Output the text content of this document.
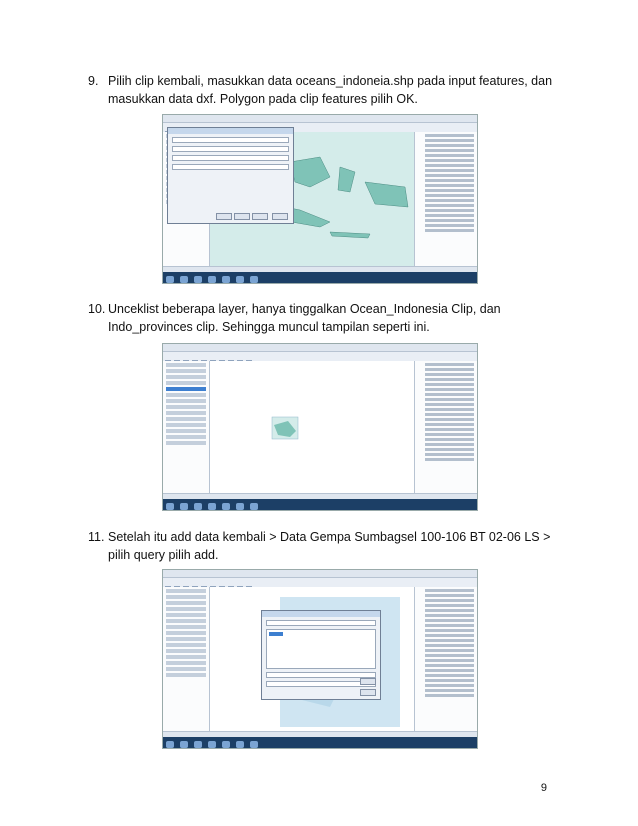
9. Pilih clip kembali, masukkan data oceans_indoneia.shp pada input features, dan
masukkan data dxf. Polygon pada clip features pilih OK.
10. Unceklist beberapa layer, hanya tinggalkan Ocean_Indonesia Clip, dan
Indo_provinces clip. Sehingga muncul tampilan seperti ini.
11. Setelah itu add data kembali > Data Gempa Sumbagsel 100-106 BT 02-06 LS >
pilih query pilih add.
9
